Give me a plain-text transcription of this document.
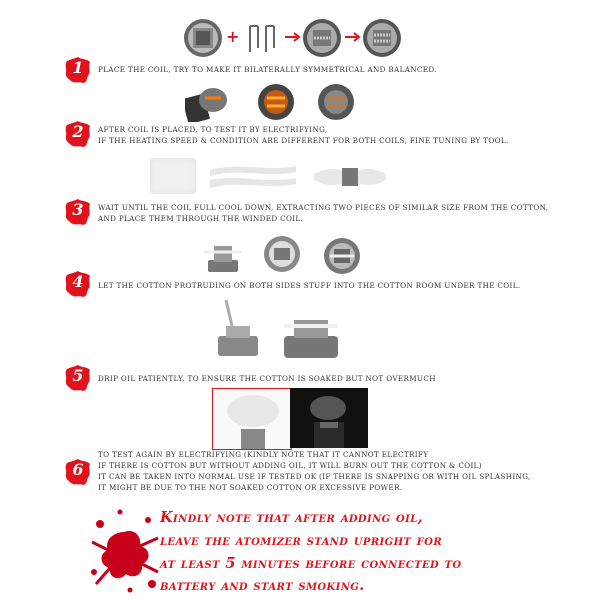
+
1	PLACE THE COIL, TRY TO MAKE IT BILATERALLY SYMMETRICAL AND BALANCED.
2	AFTER COIL IS PLACED, TO TEST IT BY ELECTRIFYING,
IF THE HEATING SPEED & CONDITION ARE DIFFERENT FOR BOTH COILS, FINE TUNING BY TOOL.
3	WAIT UNTIL THE COIL FULL COOL DOWN, EXTRACTING TWO PIECES OF SIMILAR SIZE FROM THE COTTON,
AND PLACE THEM THROUGH THE WINDED COIL.
4	LET THE COTTON PROTRUDING ON BOTH SIDES STUFF INTO THE COTTON ROOM UNDER THE COIL.
5	DRIP OIL PATIENTLY, TO ENSURE THE COTTON IS SOAKED BUT NOT OVERMUCH
6
TO TEST AGAIN BY ELECTRIFYING (KINDLY NOTE THAT IT CANNOT ELECTRIFY
IF THERE IS COTTON BUT WITHOUT ADDING OIL, IT WILL BURN OUT THE COTTON & COIL)
IT CAN BE TAKEN INTO NORMAL USE IF TESTED OK (IF THERE IS SNAPPING OR WITH OIL SPLASHING,
IT MIGHT BE DUE TO THE NOT SOAKED COTTON OR EXCESSIVE POWER.
Kindly note that after adding oil,
leave the atomizer stand upright for
at least 5 minutes before connected to
battery and start smoking.
